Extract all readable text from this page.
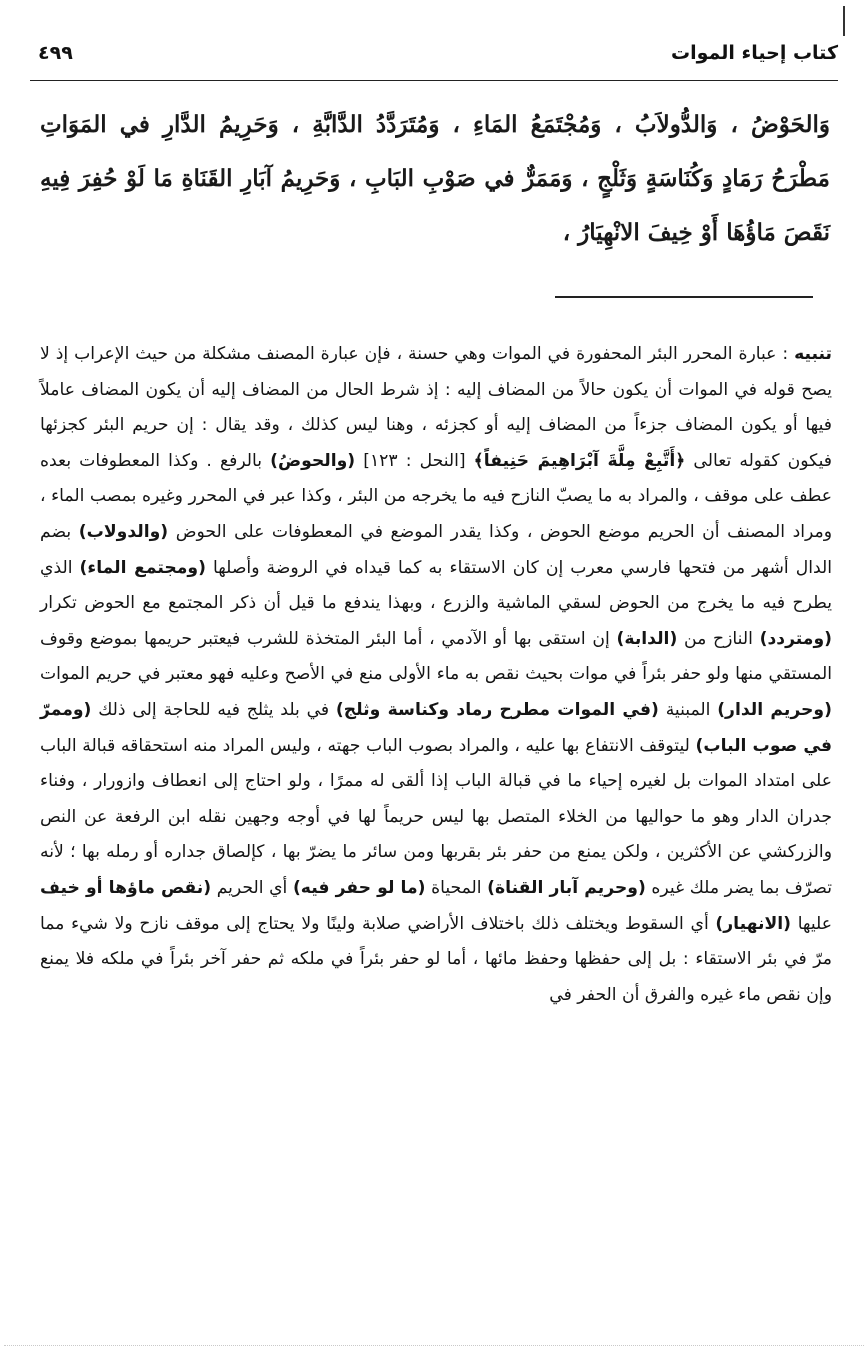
كتاب إحياء الموات
٤٩٩
وَالحَوْضُ ، وَالدُّولاَبُ ، وَمُجْتَمَعُ المَاءِ ، وَمُتَرَدَّدُ الدَّابَّةِ ، وَحَرِيمُ الدَّارِ في المَوَاتِ مَطْرَحُ رَمَادٍ وَكُنَاسَةٍ وَثَلْجٍ ، وَمَمَرٌّ في صَوْبِ البَابِ ، وَحَرِيمُ آبَارِ القَنَاةِ مَا لَوْ حُفِرَ فِيهِ نَقَصَ مَاؤُهَا أَوْ خِيفَ الانْهِيَارُ ،

تنبيه : عبارة المحرر البئر المحفورة في الموات وهي حسنة ، فإن عبارة المصنف مشكلة من حيث الإعراب إذ لا يصح قوله في الموات أن يكون حالاً من المضاف إليه : إذ شرط الحال من المضاف إليه أن يكون المضاف عاملاً فيها أو يكون المضاف جزءاً من المضاف إليه أو كجزئه ، وهنا ليس كذلك ، وقد يقال : إن حريم البئر كجزئها فيكون كقوله تعالى ﴿أَتَّبِعْ مِلَّةَ آبْرَاهِيمَ حَنِيفاً﴾ [النحل : ١٢٣] (والحوضُ) بالرفع . وكذا المعطوفات بعده عطف على موقف ، والمراد به ما يصبّ النازح فيه ما يخرجه من البئر ، وكذا عبر في المحرر وغيره بمصب الماء ، ومراد المصنف أن الحريم موضع الحوض ، وكذا يقدر الموضع في المعطوفات على الحوض (والدولاب) بضم الدال أشهر من فتحها فارسي معرب إن كان الاستقاء به كما قيداه في الروضة وأصلها (ومجتمع الماء) الذي يطرح فيه ما يخرج من الحوض لسقي الماشية والزرع ، وبهذا يندفع ما قيل أن ذكر المجتمع مع الحوض تكرار (ومتردد) النازح من (الدابة) إن استقى بها أو الآدمي ، أما البئر المتخذة للشرب فيعتبر حريمها بموضع وقوف المستقي منها ولو حفر بئراً في موات بحيث نقص به ماء الأولى منع في الأصح وعليه فهو معتبر في حريم الموات (وحريم الدار) المبنية (في الموات مطرح رماد وكناسة وثلج) في بلد يثلج فيه للحاجة إلى ذلك (وممرّ في صوب الباب) ليتوقف الانتفاع بها عليه ، والمراد بصوب الباب جهته ، وليس المراد منه استحقاقه قبالة الباب على امتداد الموات بل لغيره إحياء ما في قبالة الباب إذا ألقى له ممرًا ، ولو احتاج إلى انعطاف وازورار ، وفناء جدران الدار وهو ما حواليها من الخلاء المتصل بها ليس حريماً لها في أوجه وجهين نقله ابن الرفعة عن النص والزركشي عن الأكثرين ، ولكن يمنع من حفر بئر بقربها ومن سائر ما يضرّ بها ، كإلصاق جداره أو رمله بها ؛ لأنه تصرّف بما يضر ملك غيره (وحريم آبار القناة) المحياة (ما لو حفر فيه) أي الحريم (نقص ماؤها أو خيف عليها (الانهيار) أي السقوط ويختلف ذلك باختلاف الأراضي صلابة ولينًا ولا يحتاج إلى موقف نازح ولا شيء مما مرّ في بئر الاستقاء : بل إلى حفظها وحفظ مائها ، أما لو حفر بئراً في ملكه ثم حفر آخر بئراً في ملكه فلا يمنع وإن نقص ماء غيره والفرق أن الحفر في
